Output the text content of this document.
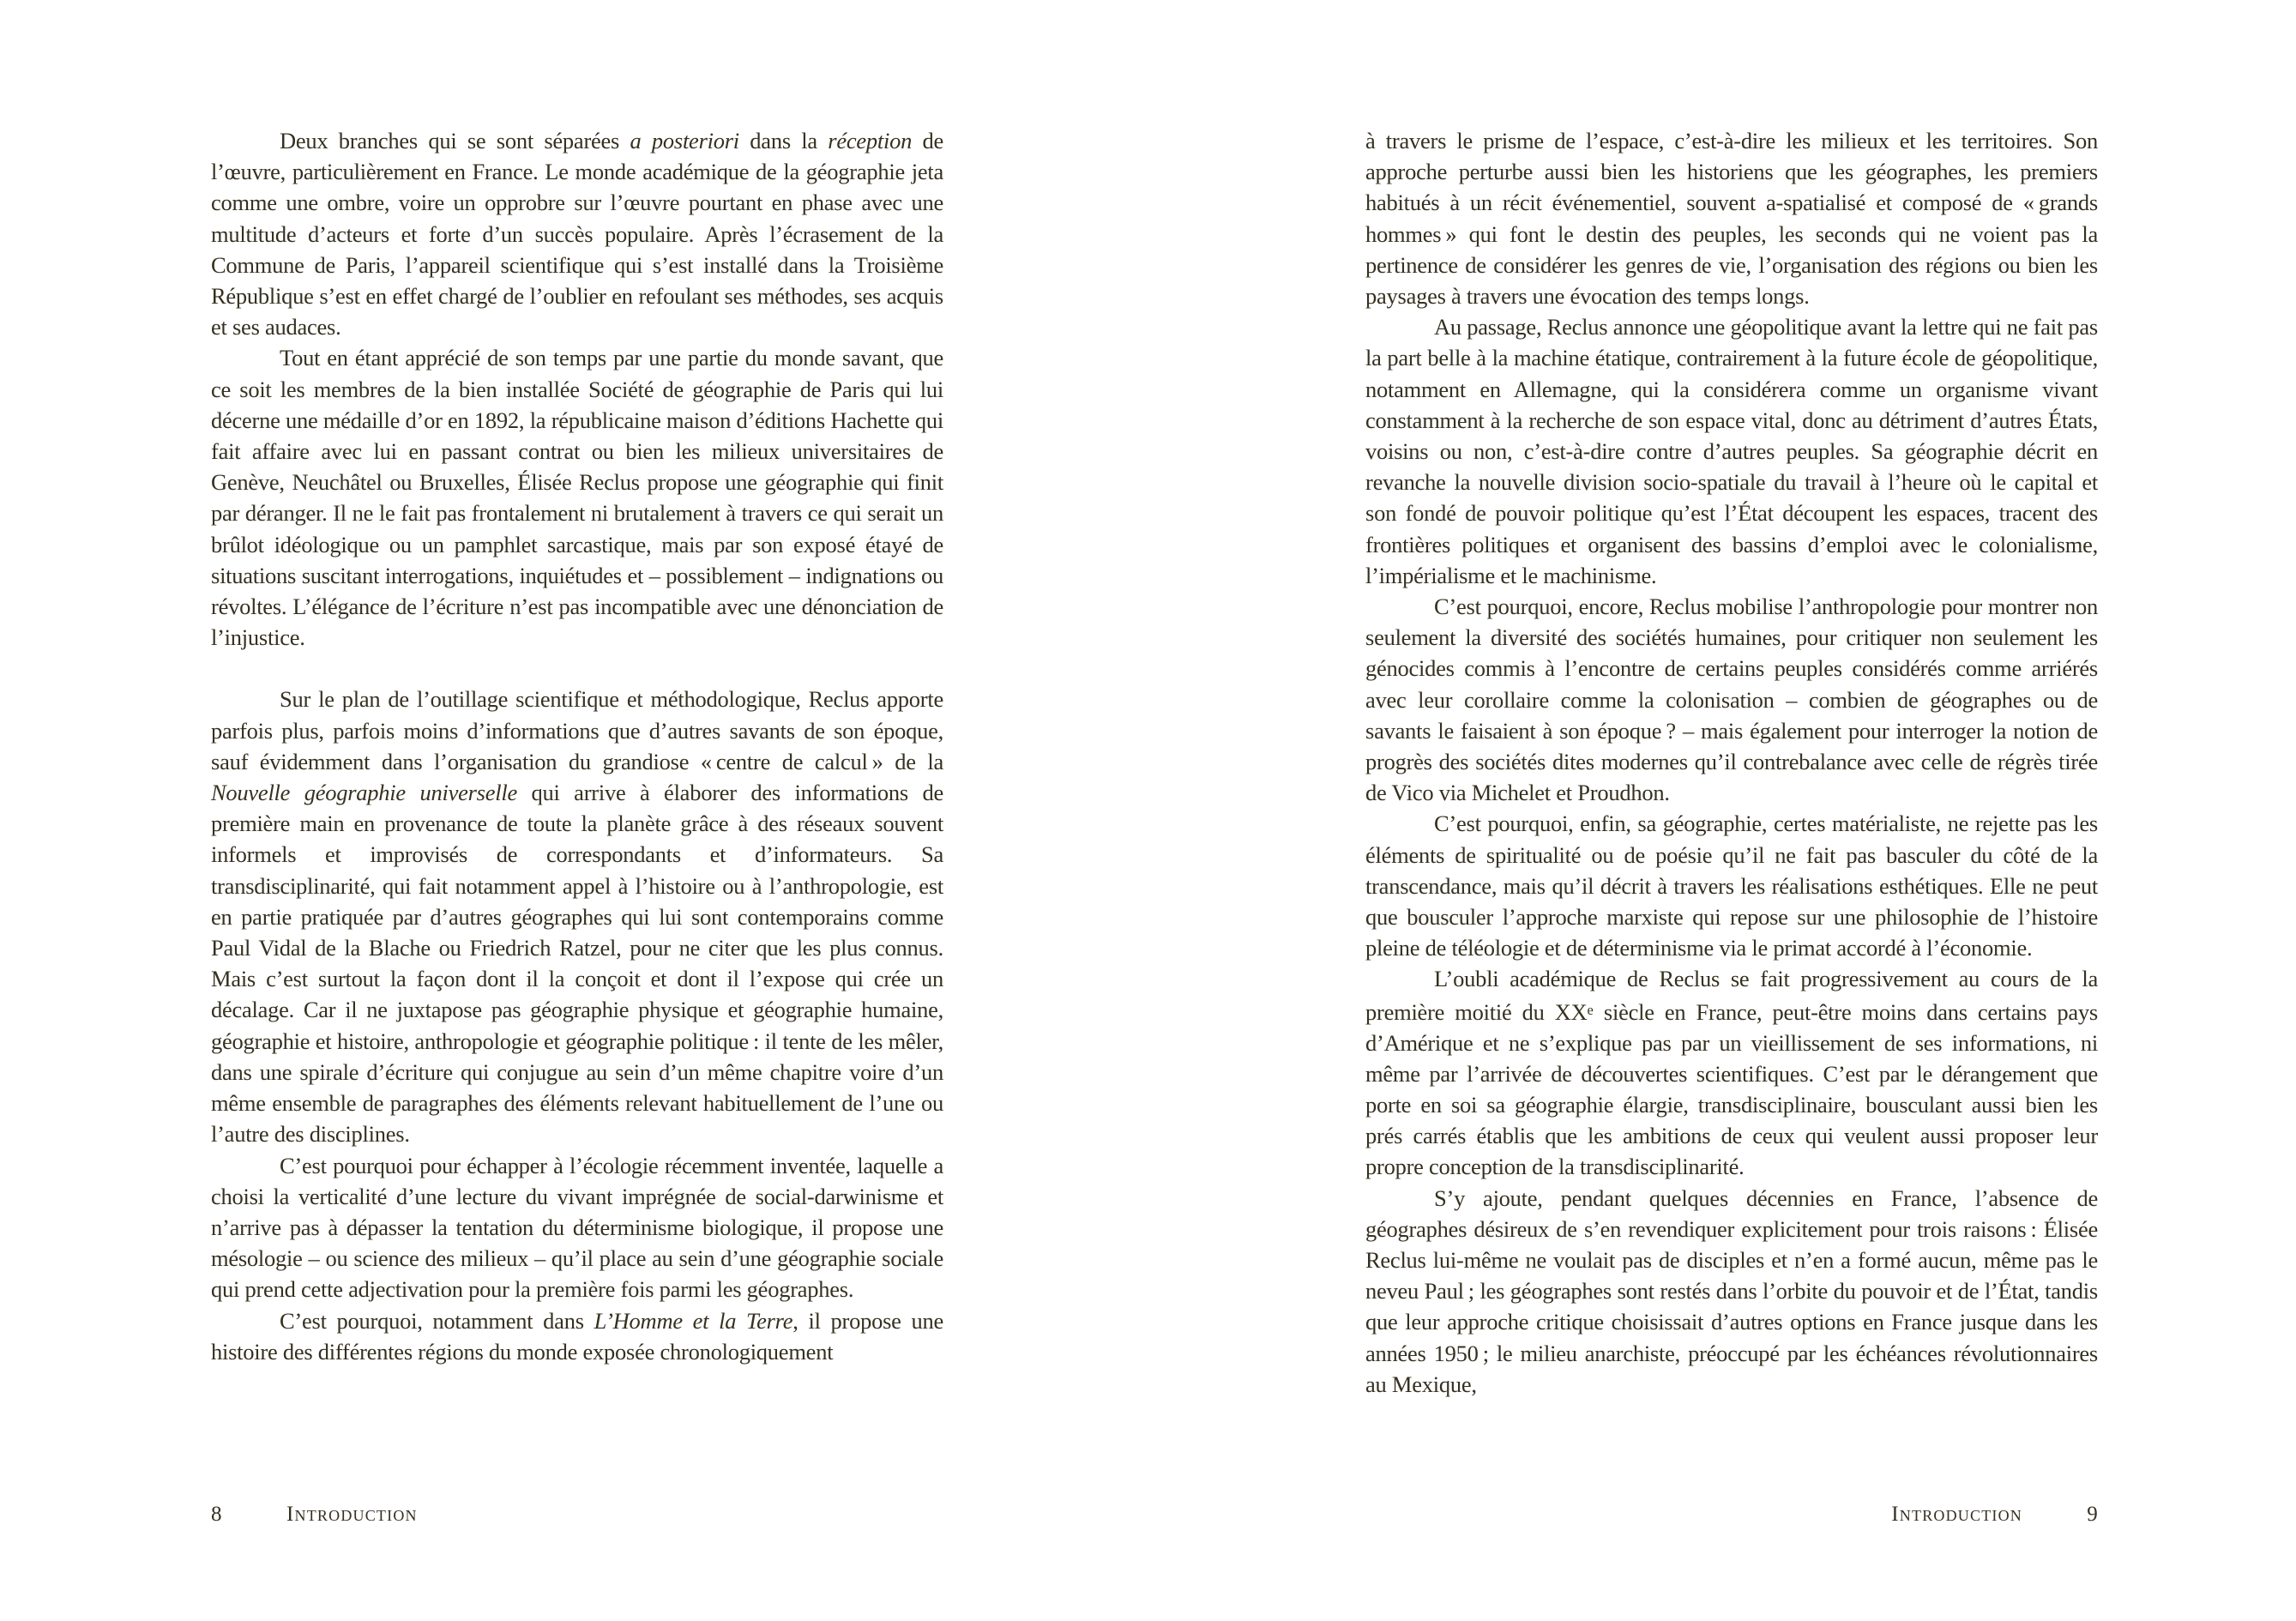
Deux branches qui se sont séparées a posteriori dans la réception de l’œuvre, particulièrement en France. Le monde académique de la géographie jeta comme une ombre, voire un opprobre sur l’œuvre pourtant en phase avec une multitude d’acteurs et forte d’un succès populaire. Après l’écrasement de la Commune de Paris, l’appareil scientifique qui s’est installé dans la Troisième République s’est en effet chargé de l’oublier en refoulant ses méthodes, ses acquis et ses audaces.

Tout en étant apprécié de son temps par une partie du monde savant, que ce soit les membres de la bien installée Société de géographie de Paris qui lui décerne une médaille d’or en 1892, la républicaine maison d’éditions Hachette qui fait affaire avec lui en passant contrat ou bien les milieux universitaires de Genève, Neuchâtel ou Bruxelles, Élisée Reclus propose une géographie qui finit par déranger. Il ne le fait pas frontalement ni brutalement à travers ce qui serait un brûlot idéologique ou un pamphlet sarcastique, mais par son exposé étayé de situations suscitant interrogations, inquiétudes et – possiblement – indignations ou révoltes. L’élégance de l’écriture n’est pas incompatible avec une dénonciation de l’injustice.

Sur le plan de l’outillage scientifique et méthodologique, Reclus apporte parfois plus, parfois moins d’informations que d’autres savants de son époque, sauf évidemment dans l’organisation du grandiose « centre de calcul » de la Nouvelle géographie universelle qui arrive à élaborer des informations de première main en provenance de toute la planète grâce à des réseaux souvent informels et improvisés de correspondants et d’informateurs. Sa transdisciplinarité, qui fait notamment appel à l’histoire ou à l’anthropologie, est en partie pratiquée par d’autres géographes qui lui sont contemporains comme Paul Vidal de la Blache ou Friedrich Ratzel, pour ne citer que les plus connus. Mais c’est surtout la façon dont il la conçoit et dont il l’expose qui crée un décalage. Car il ne juxtapose pas géographie physique et géographie humaine, géographie et histoire, anthropologie et géographie politique : il tente de les mêler, dans une spirale d’écriture qui conjugue au sein d’un même chapitre voire d’un même ensemble de paragraphes des éléments relevant habituellement de l’une ou l’autre des disciplines.

C’est pourquoi pour échapper à l’écologie récemment inventée, laquelle a choisi la verticalité d’une lecture du vivant imprégnée de social-darwinisme et n’arrive pas à dépasser la tentation du déterminisme biologique, il propose une mésologie – ou science des milieux – qu’il place au sein d’une géographie sociale qui prend cette adjectivation pour la première fois parmi les géographes.

C’est pourquoi, notamment dans L’Homme et la Terre, il propose une histoire des différentes régions du monde exposée chronologiquement

à travers le prisme de l’espace, c’est-à-dire les milieux et les territoires. Son approche perturbe aussi bien les historiens que les géographes, les premiers habitués à un récit événementiel, souvent a-spatialisé et composé de « grands hommes » qui font le destin des peuples, les seconds qui ne voient pas la pertinence de considérer les genres de vie, l’organisation des régions ou bien les paysages à travers une évocation des temps longs.

Au passage, Reclus annonce une géopolitique avant la lettre qui ne fait pas la part belle à la machine étatique, contrairement à la future école de géopolitique, notamment en Allemagne, qui la considérera comme un organisme vivant constamment à la recherche de son espace vital, donc au détriment d’autres États, voisins ou non, c’est-à-dire contre d’autres peuples. Sa géographie décrit en revanche la nouvelle division socio-spatiale du travail à l’heure où le capital et son fondé de pouvoir politique qu’est l’État découpent les espaces, tracent des frontières politiques et organisent des bassins d’emploi avec le colonialisme, l’impérialisme et le machinisme.

C’est pourquoi, encore, Reclus mobilise l’anthropologie pour montrer non seulement la diversité des sociétés humaines, pour critiquer non seulement les génocides commis à l’encontre de certains peuples considérés comme arriérés avec leur corollaire comme la colonisation – combien de géographes ou de savants le faisaient à son époque ? – mais également pour interroger la notion de progrès des sociétés dites modernes qu’il contrebalance avec celle de régrès tirée de Vico via Michelet et Proudhon.

C’est pourquoi, enfin, sa géographie, certes matérialiste, ne rejette pas les éléments de spiritualité ou de poésie qu’il ne fait pas basculer du côté de la transcendance, mais qu’il décrit à travers les réalisations esthétiques. Elle ne peut que bousculer l’approche marxiste qui repose sur une philosophie de l’histoire pleine de téléologie et de déterminisme via le primat accordé à l’économie.

L’oubli académique de Reclus se fait progressivement au cours de la première moitié du XXe siècle en France, peut-être moins dans certains pays d’Amérique et ne s’explique pas par un vieillissement de ses informations, ni même par l’arrivée de découvertes scientifiques. C’est par le dérangement que porte en soi sa géographie élargie, transdisciplinaire, bousculant aussi bien les prés carrés établis que les ambitions de ceux qui veulent aussi proposer leur propre conception de la transdisciplinarité.

S’y ajoute, pendant quelques décennies en France, l’absence de géographes désireux de s’en revendiquer explicitement pour trois raisons : Élisée Reclus lui-même ne voulait pas de disciples et n’en a formé aucun, même pas le neveu Paul ; les géographes sont restés dans l’orbite du pouvoir et de l’État, tandis que leur approche critique choisissait d’autres options en France jusque dans les années 1950 ; le milieu anarchiste, préoccupé par les échéances révolutionnaires au Mexique,

8	Introduction	Introduction	9
